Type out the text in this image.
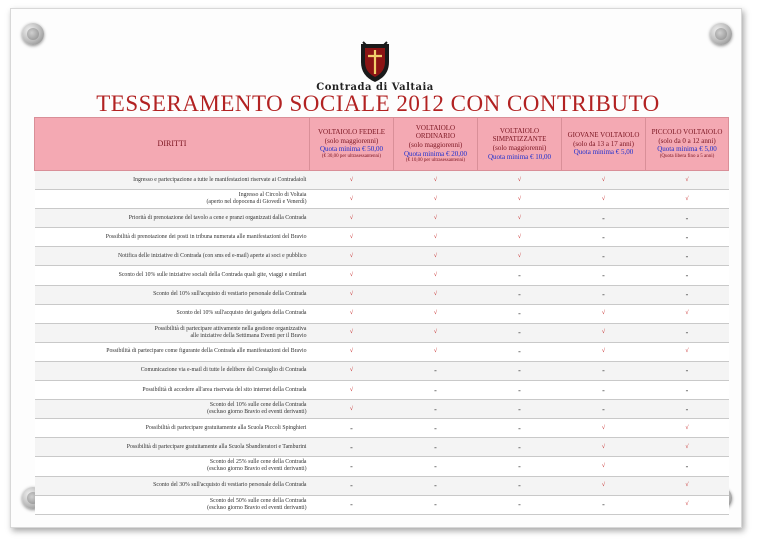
Contrada di Valtaia
TESSERAMENTO SOCIALE 2012 CON CONTRIBUTO
DIRITTI	VOLTAIOLO FEDELE
(solo maggiorenni)
Quota minima € 50,00
(€ 30,00 per ultrasessantenni)	VOLTAIOLO ORDINARIO
(solo maggiorenni)
Quota minima € 20,00
(€ 10,00 per ultrasessantenni)	VOLTAIOLO SIMPATIZZANTE
(solo maggiorenni)
Quota minima € 10,00	GIOVANE VOLTAIOLO
(solo da 13 a 17 anni)
Quota minima € 5,00	PICCOLO VOLTAIOLO
(solo da 0 a 12 anni)
Quota minima € 5,00
(Quota libera fino a 5 anni)

Ingresso e partecipazione a tutte le manifestazioni riservate ai Contradaioli	√	√	√	√	√

Ingresso al Circolo di Voltaia
(aperto nel dopocena di Giovedì e Venerdì)	√	√	√	√	√

Priorità di prenotazione del tavolo a cene e pranzi organizzati dalla Contrada	√	√	√	-	-

Possibilità di prenotazione dei posti in tribuna numerata alle manifestazioni del Bravio	√	√	√	-	-

Notifica delle iniziative di Contrada (con sms ed e-mail) aperte ai soci e pubblico	√	√	√	-	-

Sconto del 10% sulle iniziative sociali della Contrada quali gite, viaggi e similari	√	√	-	-	-

Sconto del 10% sull'acquisto di vestiario personale della Contrada	√	√	-	-	-

Sconto del 10% sull'acquisto dei gadgets della Contrada	√	√	-	√	√

Possibilità di partecipare attivamente nella gestione organizzativa
alle iniziative della Settimana Eventi per il Bravio	√	√	-	√	-

Possibilità di partecipare come figurante della Contrada alle manifestazioni del Bravio	√	√	-	√	√

Comunicazione via e-mail di tutte le delibere del Consiglio di Contrada	√	-	-	-	-

Possibilità di accedere all'area riservata del sito internet della Contrada	√	-	-	-	-

Sconto del 10% sulle cene della Contrada
(escluso giorno Bravio ed eventi derivanti)	√	-	-	-	-

Possibilità di partecipare gratuitamente alla Scuola Piccoli Spinghieri	-	-	-	√	√

Possibilità di partecipare gratuitamente alla Scuola Sbandieratori e Tamburini	-	-	-	√	√

Sconto del 25% sulle cene della Contrada
(escluso giorno Bravio ed eventi derivanti)	-	-	-	√	-

Sconto del 30% sull'acquisto di vestiario personale della Contrada	-	-	-	√	√

Sconto del 50% sulle cene della Contrada
(escluso giorno Bravio ed eventi derivanti)	-	-	-	-	√
